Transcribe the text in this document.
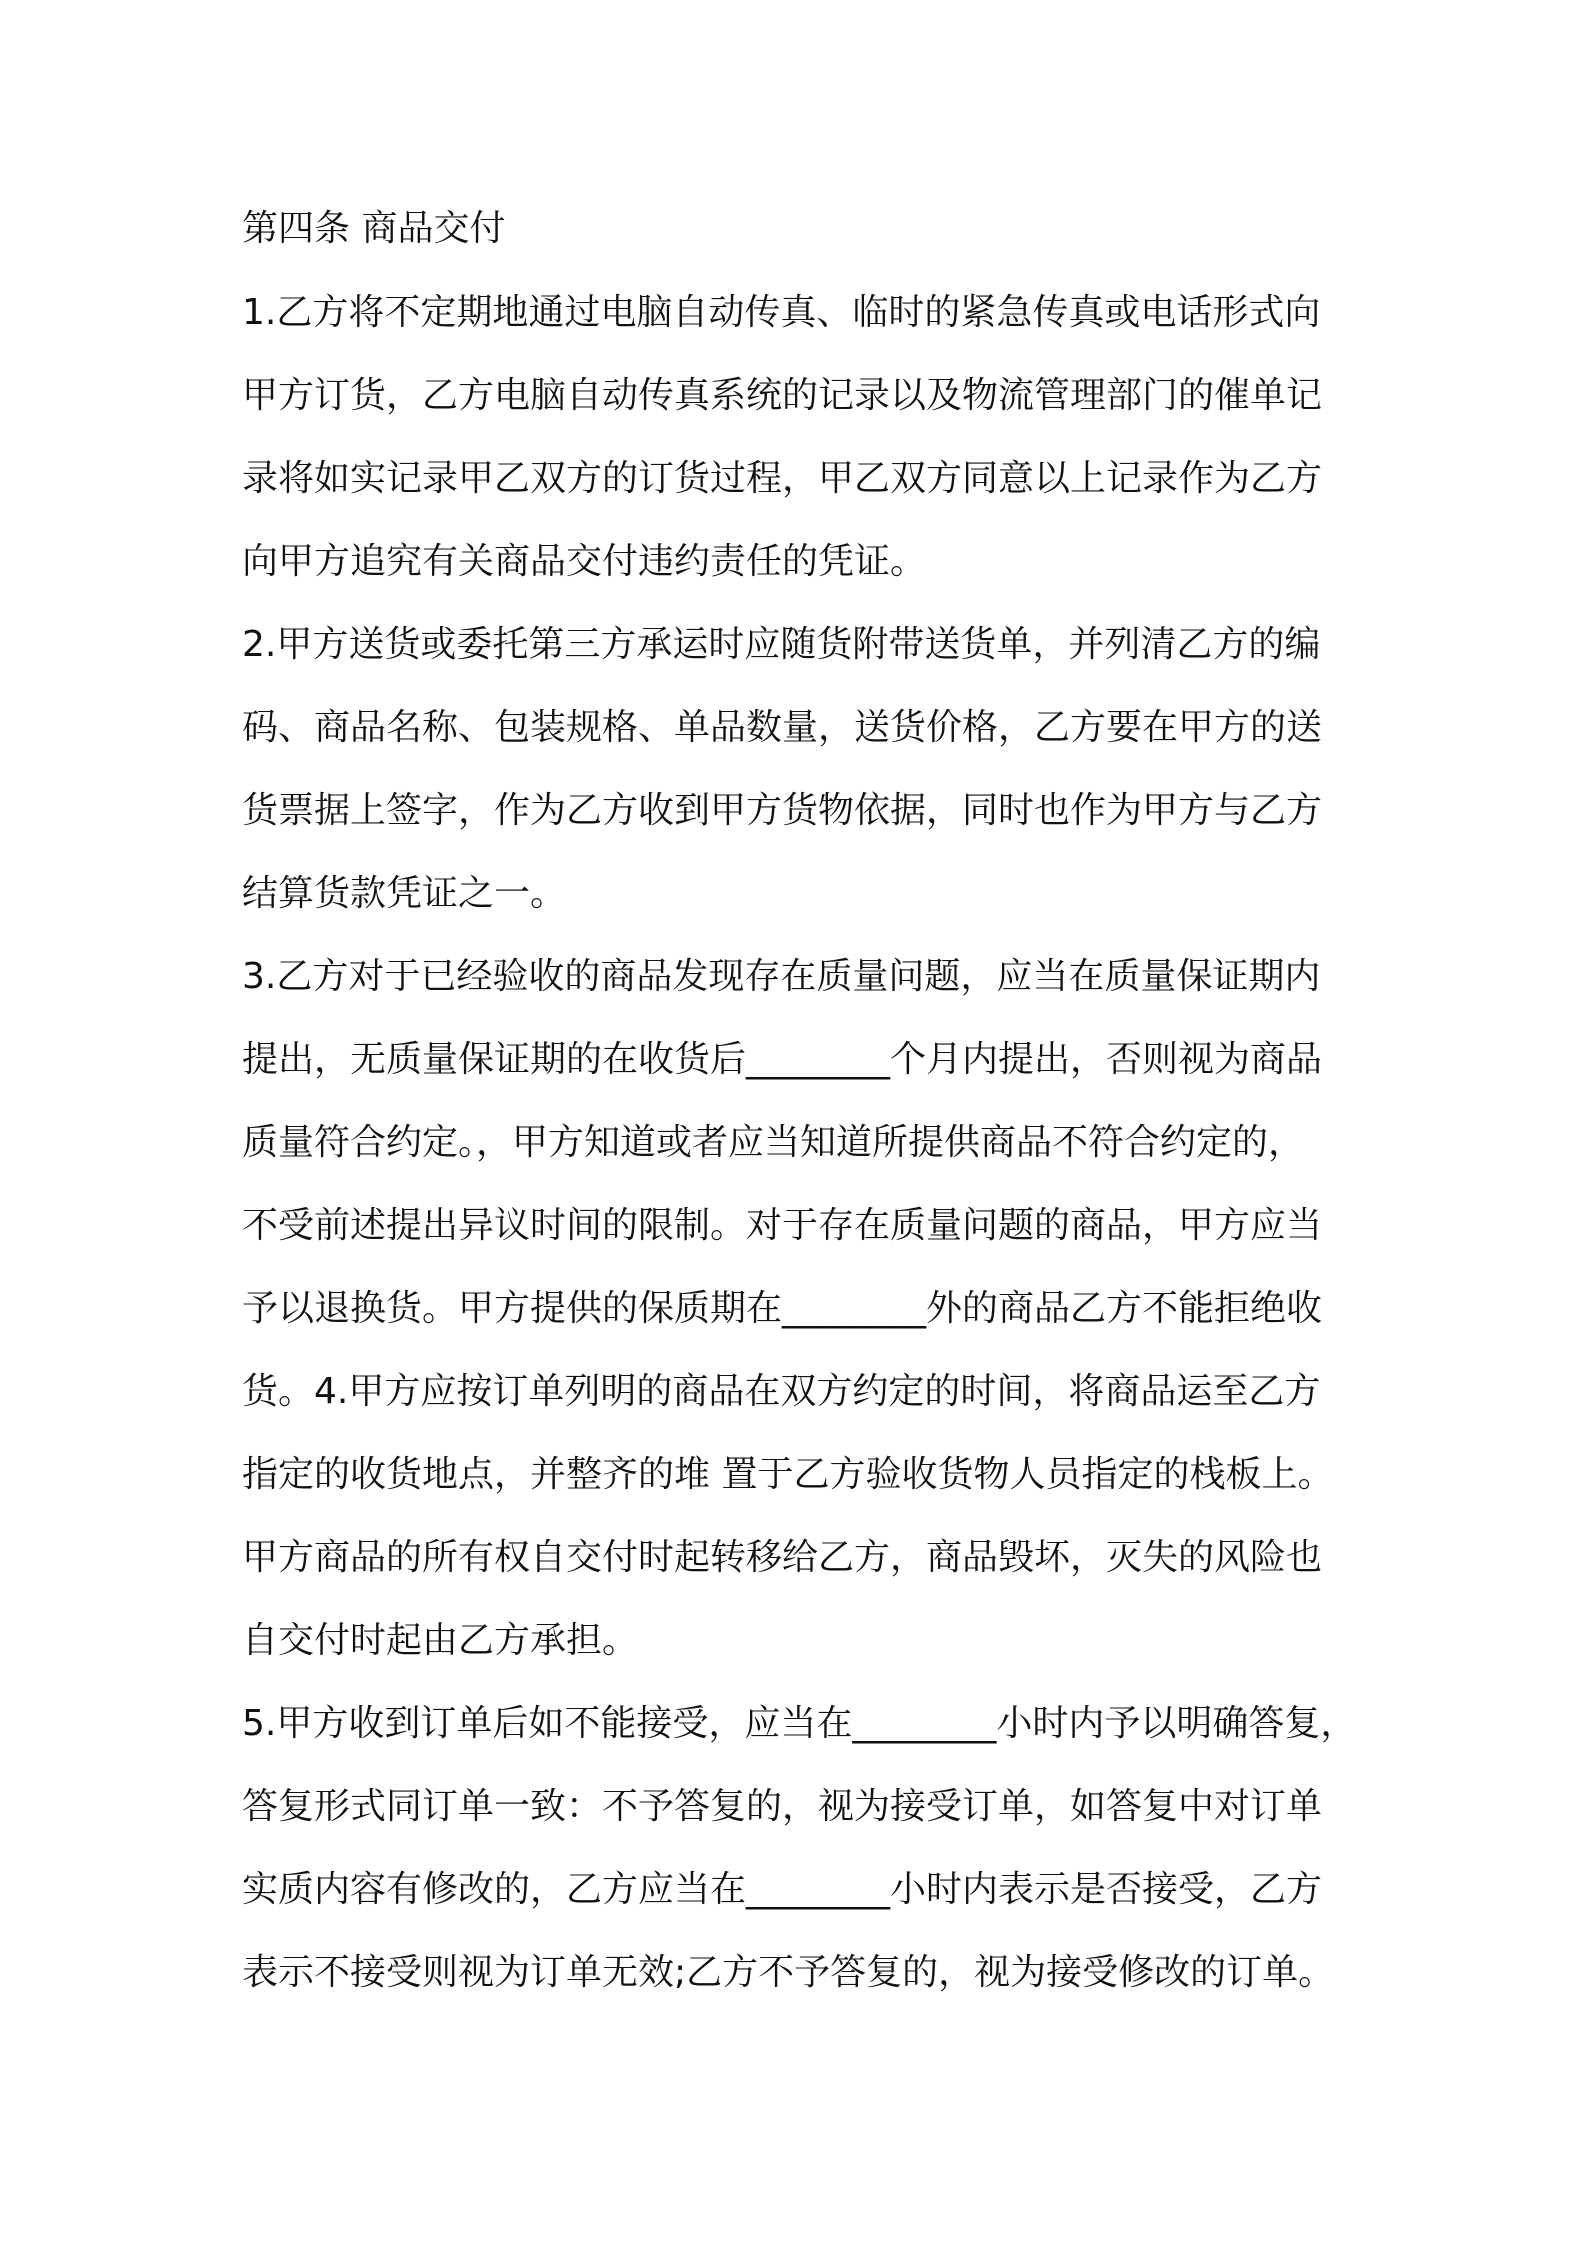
第四条 商品交付
1.乙方将不定期地通过电脑自动传真、临时的紧急传真或电话形式向
甲方订货，乙方电脑自动传真系统的记录以及物流管理部门的催单记
录将如实记录甲乙双方的订货过程，甲乙双方同意以上记录作为乙方
向甲方追究有关商品交付违约责任的凭证。
2.甲方送货或委托第三方承运时应随货附带送货单，并列清乙方的编
码、商品名称、包装规格、单品数量，送货价格，乙方要在甲方的送
货票据上签字，作为乙方收到甲方货物依据，同时也作为甲方与乙方
结算货款凭证之一。
3.乙方对于已经验收的商品发现存在质量问题，应当在质量保证期内
提出，无质量保证期的在收货后________个月内提出，否则视为商品
质量符合约定。，甲方知道或者应当知道所提供商品不符合约定的，
不受前述提出异议时间的限制。对于存在质量问题的商品，甲方应当
予以退换货。甲方提供的保质期在________外的商品乙方不能拒绝收
货。4.甲方应按订单列明的商品在双方约定的时间，将商品运至乙方
指定的收货地点，并整齐的堆 置于乙方验收货物人员指定的栈板上。
甲方商品的所有权自交付时起转移给乙方，商品毁坏，灭失的风险也
自交付时起由乙方承担。
5.甲方收到订单后如不能接受，应当在________小时内予以明确答复，
答复形式同订单一致：不予答复的，视为接受订单，如答复中对订单
实质内容有修改的，乙方应当在________小时内表示是否接受，乙方
表示不接受则视为订单无效;乙方不予答复的，视为接受修改的订单。
